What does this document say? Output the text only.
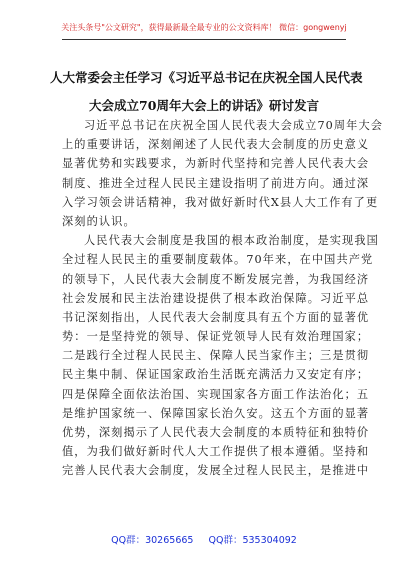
关注头条号"公文研究"，获得最新最全最专业的公文资料库！ 微信：gongwenyj
人大常委会主任学习《习近平总书记在庆祝全国人民代表
大会成立70周年大会上的讲话》研讨发言
习近平总书记在庆祝全国人民代表大会成立70周年大会
上的重要讲话，深刻阐述了人民代表大会制度的历史意义
显著优势和实践要求，为新时代坚持和完善人民代表大会
制度、推进全过程人民民主建设指明了前进方向。通过深
入学习领会讲话精神，我对做好新时代X县人大工作有了更
深刻的认识。
人民代表大会制度是我国的根本政治制度，是实现我国
全过程人民民主的重要制度载体。70年来，在中国共产党
的领导下，人民代表大会制度不断发展完善，为我国经济
社会发展和民主法治建设提供了根本政治保障。习近平总
书记深刻指出，人民代表大会制度具有五个方面的显著优
势：一是坚持党的领导、保证党领导人民有效治理国家；
二是践行全过程人民民主、保障人民当家作主；三是贯彻
民主集中制、保证国家政治生活既充满活力又安定有序；
四是保障全面依法治国、实现国家各方面工作法治化；五
是维护国家统一、保障国家长治久安。这五个方面的显著
优势，深刻揭示了人民代表大会制度的本质特征和独特价
值，为我们做好新时代人大工作提供了根本遵循。坚持和
完善人民代表大会制度，发展全过程人民民主，是推进中
QQ群：30265665 QQ群：535304092
